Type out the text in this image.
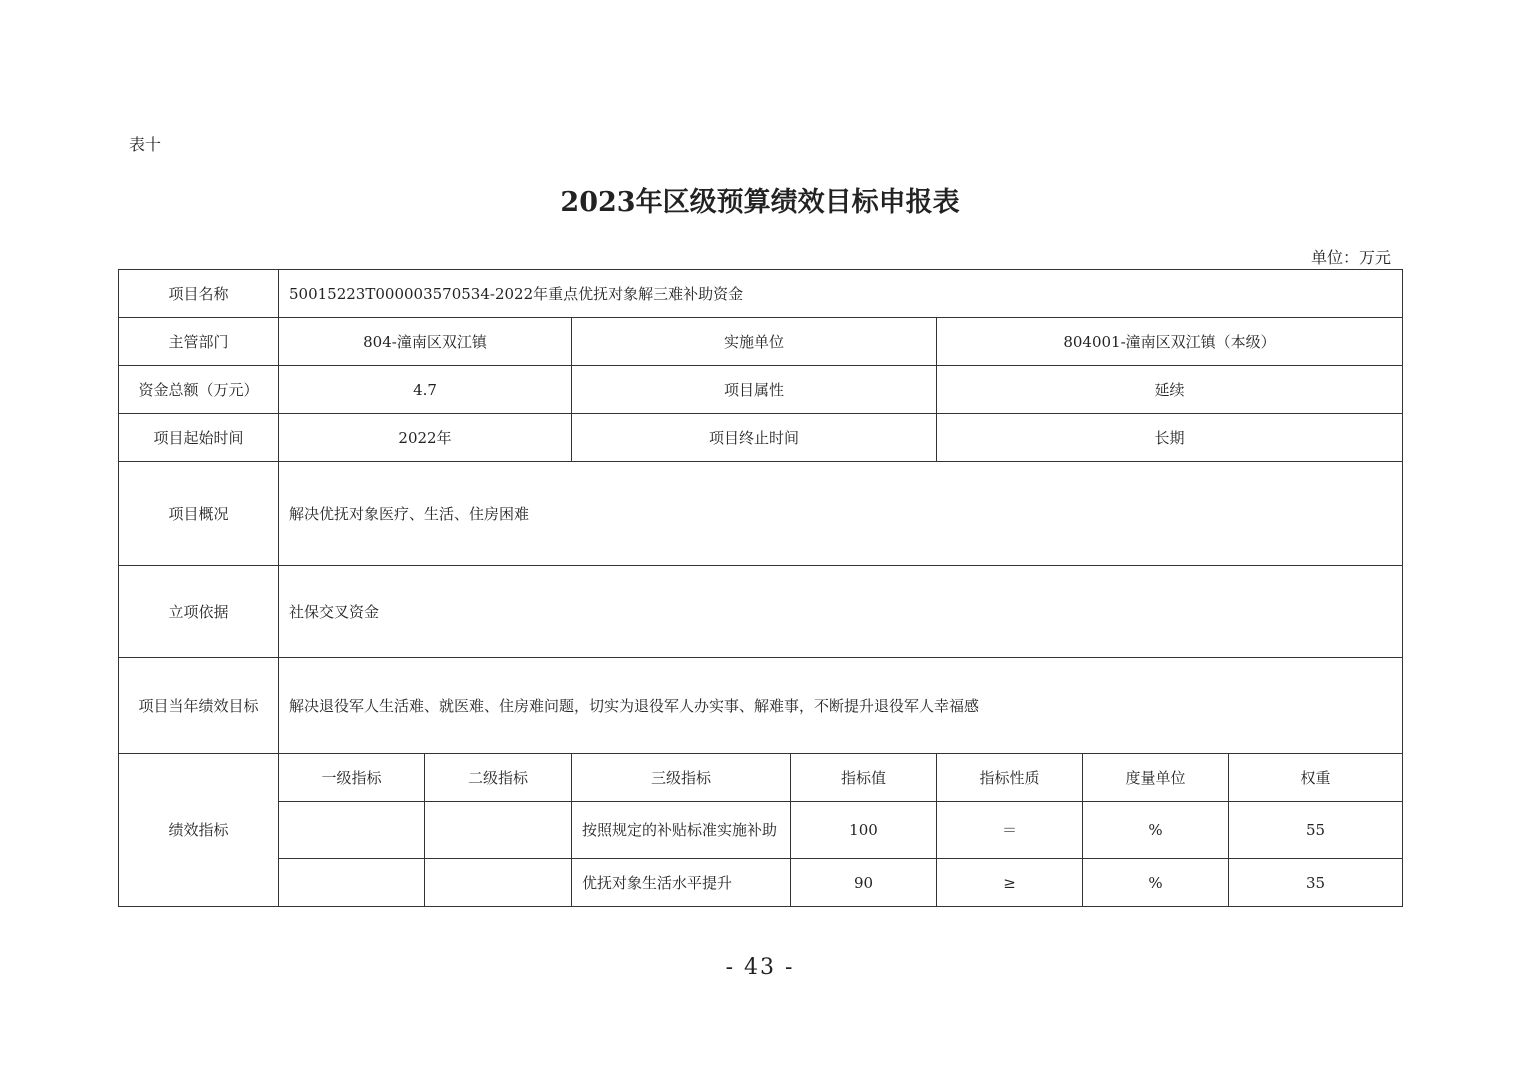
表十
2023年区级预算绩效目标申报表
单位：万元
项目名称	50015223T000003570534-2022年重点优抚对象解三难补助资金						
主管部门	804-潼南区双江镇		实施单位		804001-潼南区双江镇（本级）		
资金总额（万元）	4.7		项目属性		延续		
项目起始时间	2022年		项目终止时间		长期		
项目概况	解决优抚对象医疗、生活、住房困难						
立项依据	社保交叉资金						
项目当年绩效目标	解决退役军人生活难、就医难、住房难问题，切实为退役军人办实事、解难事，不断提升退役军人幸福感						
绩效指标	一级指标	二级指标	三级指标	指标值	指标性质	度量单位	权重
			按照规定的补贴标准实施补助	100	＝	%	55
			优抚对象生活水平提升	90	≥	%	35
- 43 -
